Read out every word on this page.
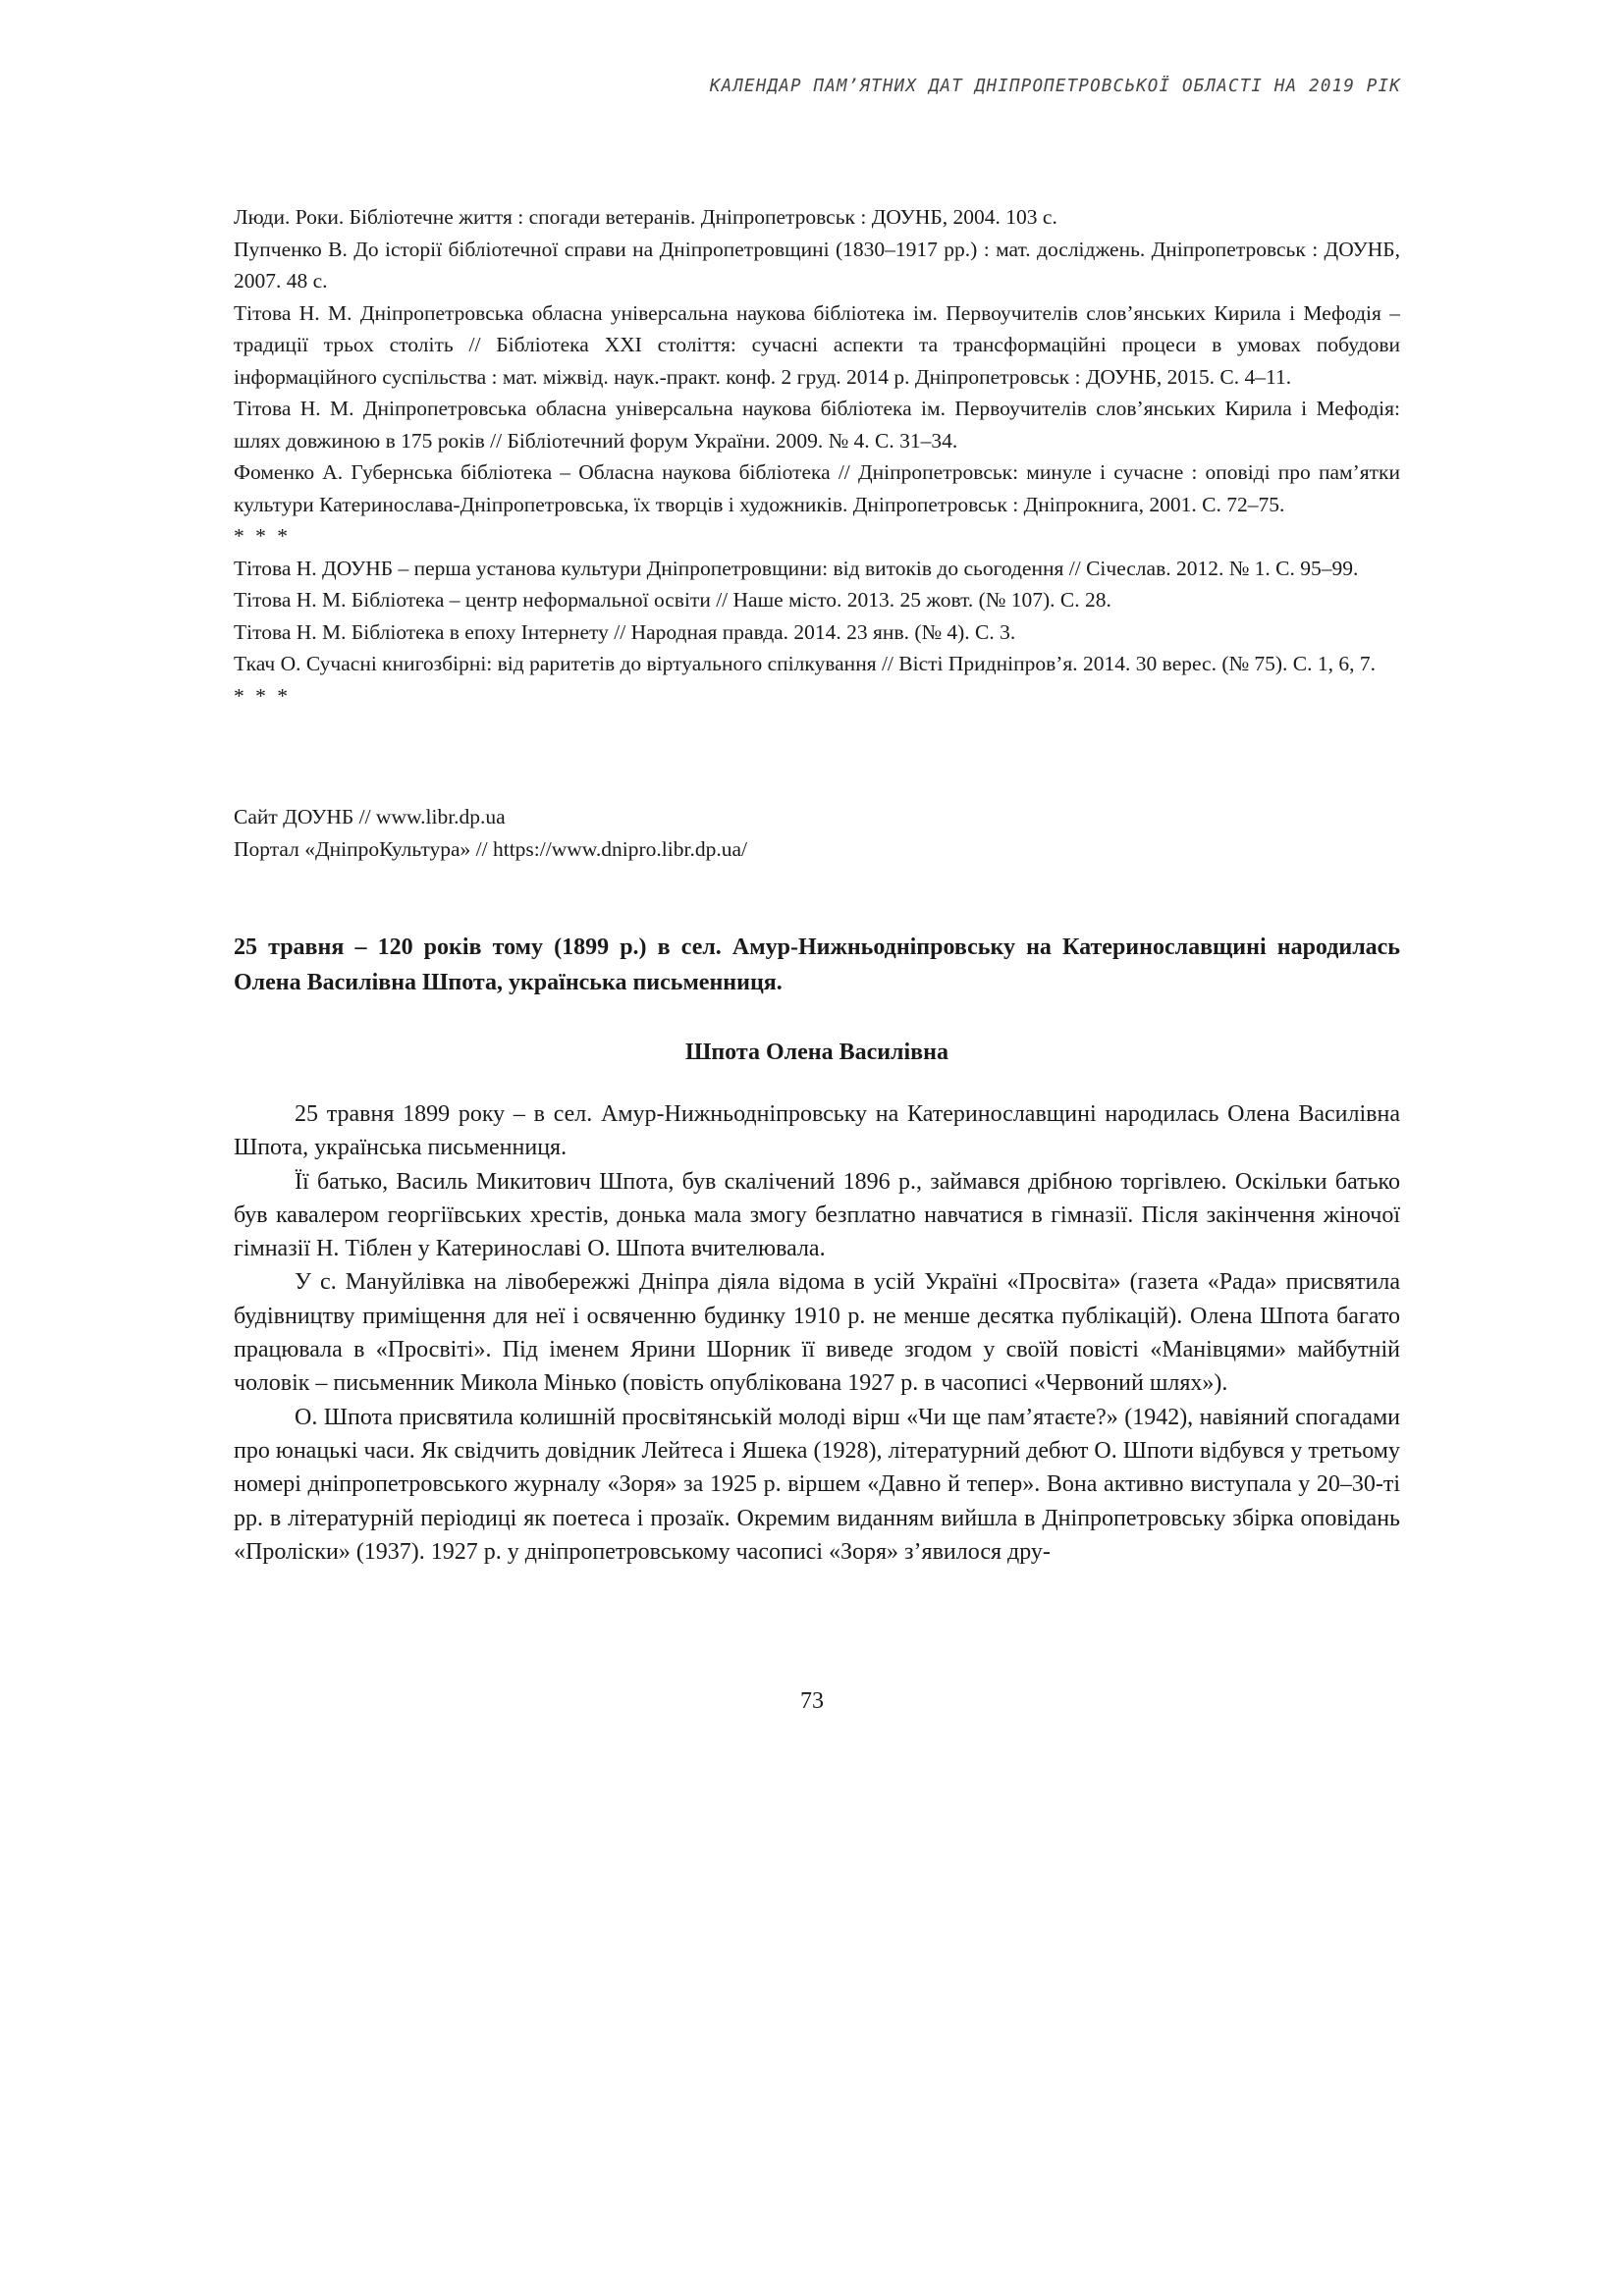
КАЛЕНДАР ПАМ’ЯТНИХ ДАТ ДНІПРОПЕТРОВСЬКОЇ ОБЛАСТІ НА 2019 РІК

Люди. Роки. Бібліотечне життя : спогади ветеранів. Дніпропетровськ : ДОУНБ, 2004. 103 с.

Пупченко В. До історії бібліотечної справи на Дніпропетровщині (1830–1917 рр.) : мат. досліджень. Дніпропетровськ : ДОУНБ, 2007. 48 с.

Тітова Н. М. Дніпропетровська обласна універсальна наукова бібліотека ім. Первоучителів слов’янських Кирила і Мефодія – традиції трьох століть // Бібліотека XXI століття: сучасні аспекти та трансформаційні процеси в умовах побудови інформаційного суспільства : мат. міжвід. наук.-практ. конф. 2 груд. 2014 р. Дніпропетровськ : ДОУНБ, 2015. С. 4–11.

Тітова Н. М. Дніпропетровська обласна універсальна наукова бібліотека ім. Первоучителів слов’янських Кирила і Мефодія: шлях довжиною в 175 років // Бібліотечний форум України. 2009. № 4. С. 31–34.

Фоменко А. Губернська бібліотека – Обласна наукова бібліотека // Дніпропетровськ: минуле і сучасне : оповіді про пам’ятки культури Катеринослава-Дніпропетровська, їх творців і художників. Дніпропетровськ : Дніпрокнига, 2001. С. 72–75.

* * *

Тітова Н. ДОУНБ – перша установа культури Дніпропетровщини: від витоків до сьогодення // Січеслав. 2012. № 1. С. 95–99.

Тітова Н. М. Бібліотека – центр неформальної освіти // Наше місто. 2013. 25 жовт. (№ 107). С. 28.

Тітова Н. М. Бібліотека в епоху Інтернету // Народная правда. 2014. 23 янв. (№ 4). С. 3.

Ткач О. Сучасні книгозбірні: від раритетів до віртуального спілкування // Вісті Придніпров’я. 2014. 30 верес. (№ 75). С. 1, 6, 7.

* * *

Сайт ДОУНБ // www.libr.dp.ua

Портал «ДніпроКультура» // https://www.dnipro.libr.dp.ua/

25 травня – 120 років тому (1899 р.) в сел. Амур-Нижньодніпровську на Катеринославщині народилась Олена Василівна Шпота, українська письменниця.

Шпота Олена Василівна

25 травня 1899 року – в сел. Амур-Нижньодніпровську на Катеринославщині народилась Олена Василівна Шпота, українська письменниця.

Її батько, Василь Микитович Шпота, був скалічений 1896 р., займався дрібною торгівлею. Оскільки батько був кавалером георгіївських хрестів, донька мала змогу безплатно навчатися в гімназії. Після закінчення жіночої гімназії Н. Тіблен у Катеринославі О. Шпота вчителювала.

У с. Мануйлівка на лівобережжі Дніпра діяла відома в усій Україні «Просвіта» (газета «Рада» присвятила будівництву приміщення для неї і освяченню будинку 1910 р. не менше десятка публікацій). Олена Шпота багато працювала в «Просвіті». Під іменем Ярини Шорник її виведе згодом у своїй повісті «Манівцями» майбутній чоловік – письменник Микола Мінько (повість опублікована 1927 р. в часописі «Червоний шлях»).

О. Шпота присвятила колишній просвітянській молоді вірш «Чи ще пам’ятаєте?» (1942), навіяний спогадами про юнацькі часи. Як свідчить довідник Лейтеса і Яшека (1928), літературний дебют О. Шпоти відбувся у третьому номері дніпропетровського журналу «Зоря» за 1925 р. віршем «Давно й тепер». Вона активно виступала у 20–30-ті рр. в літературній періодиці як поетеса і прозаїк. Окремим виданням вийшла в Дніпропетровську збірка оповідань «Пролiски» (1937). 1927 р. у дніпропетровському часописі «Зоря» з’явилося дру-

73
